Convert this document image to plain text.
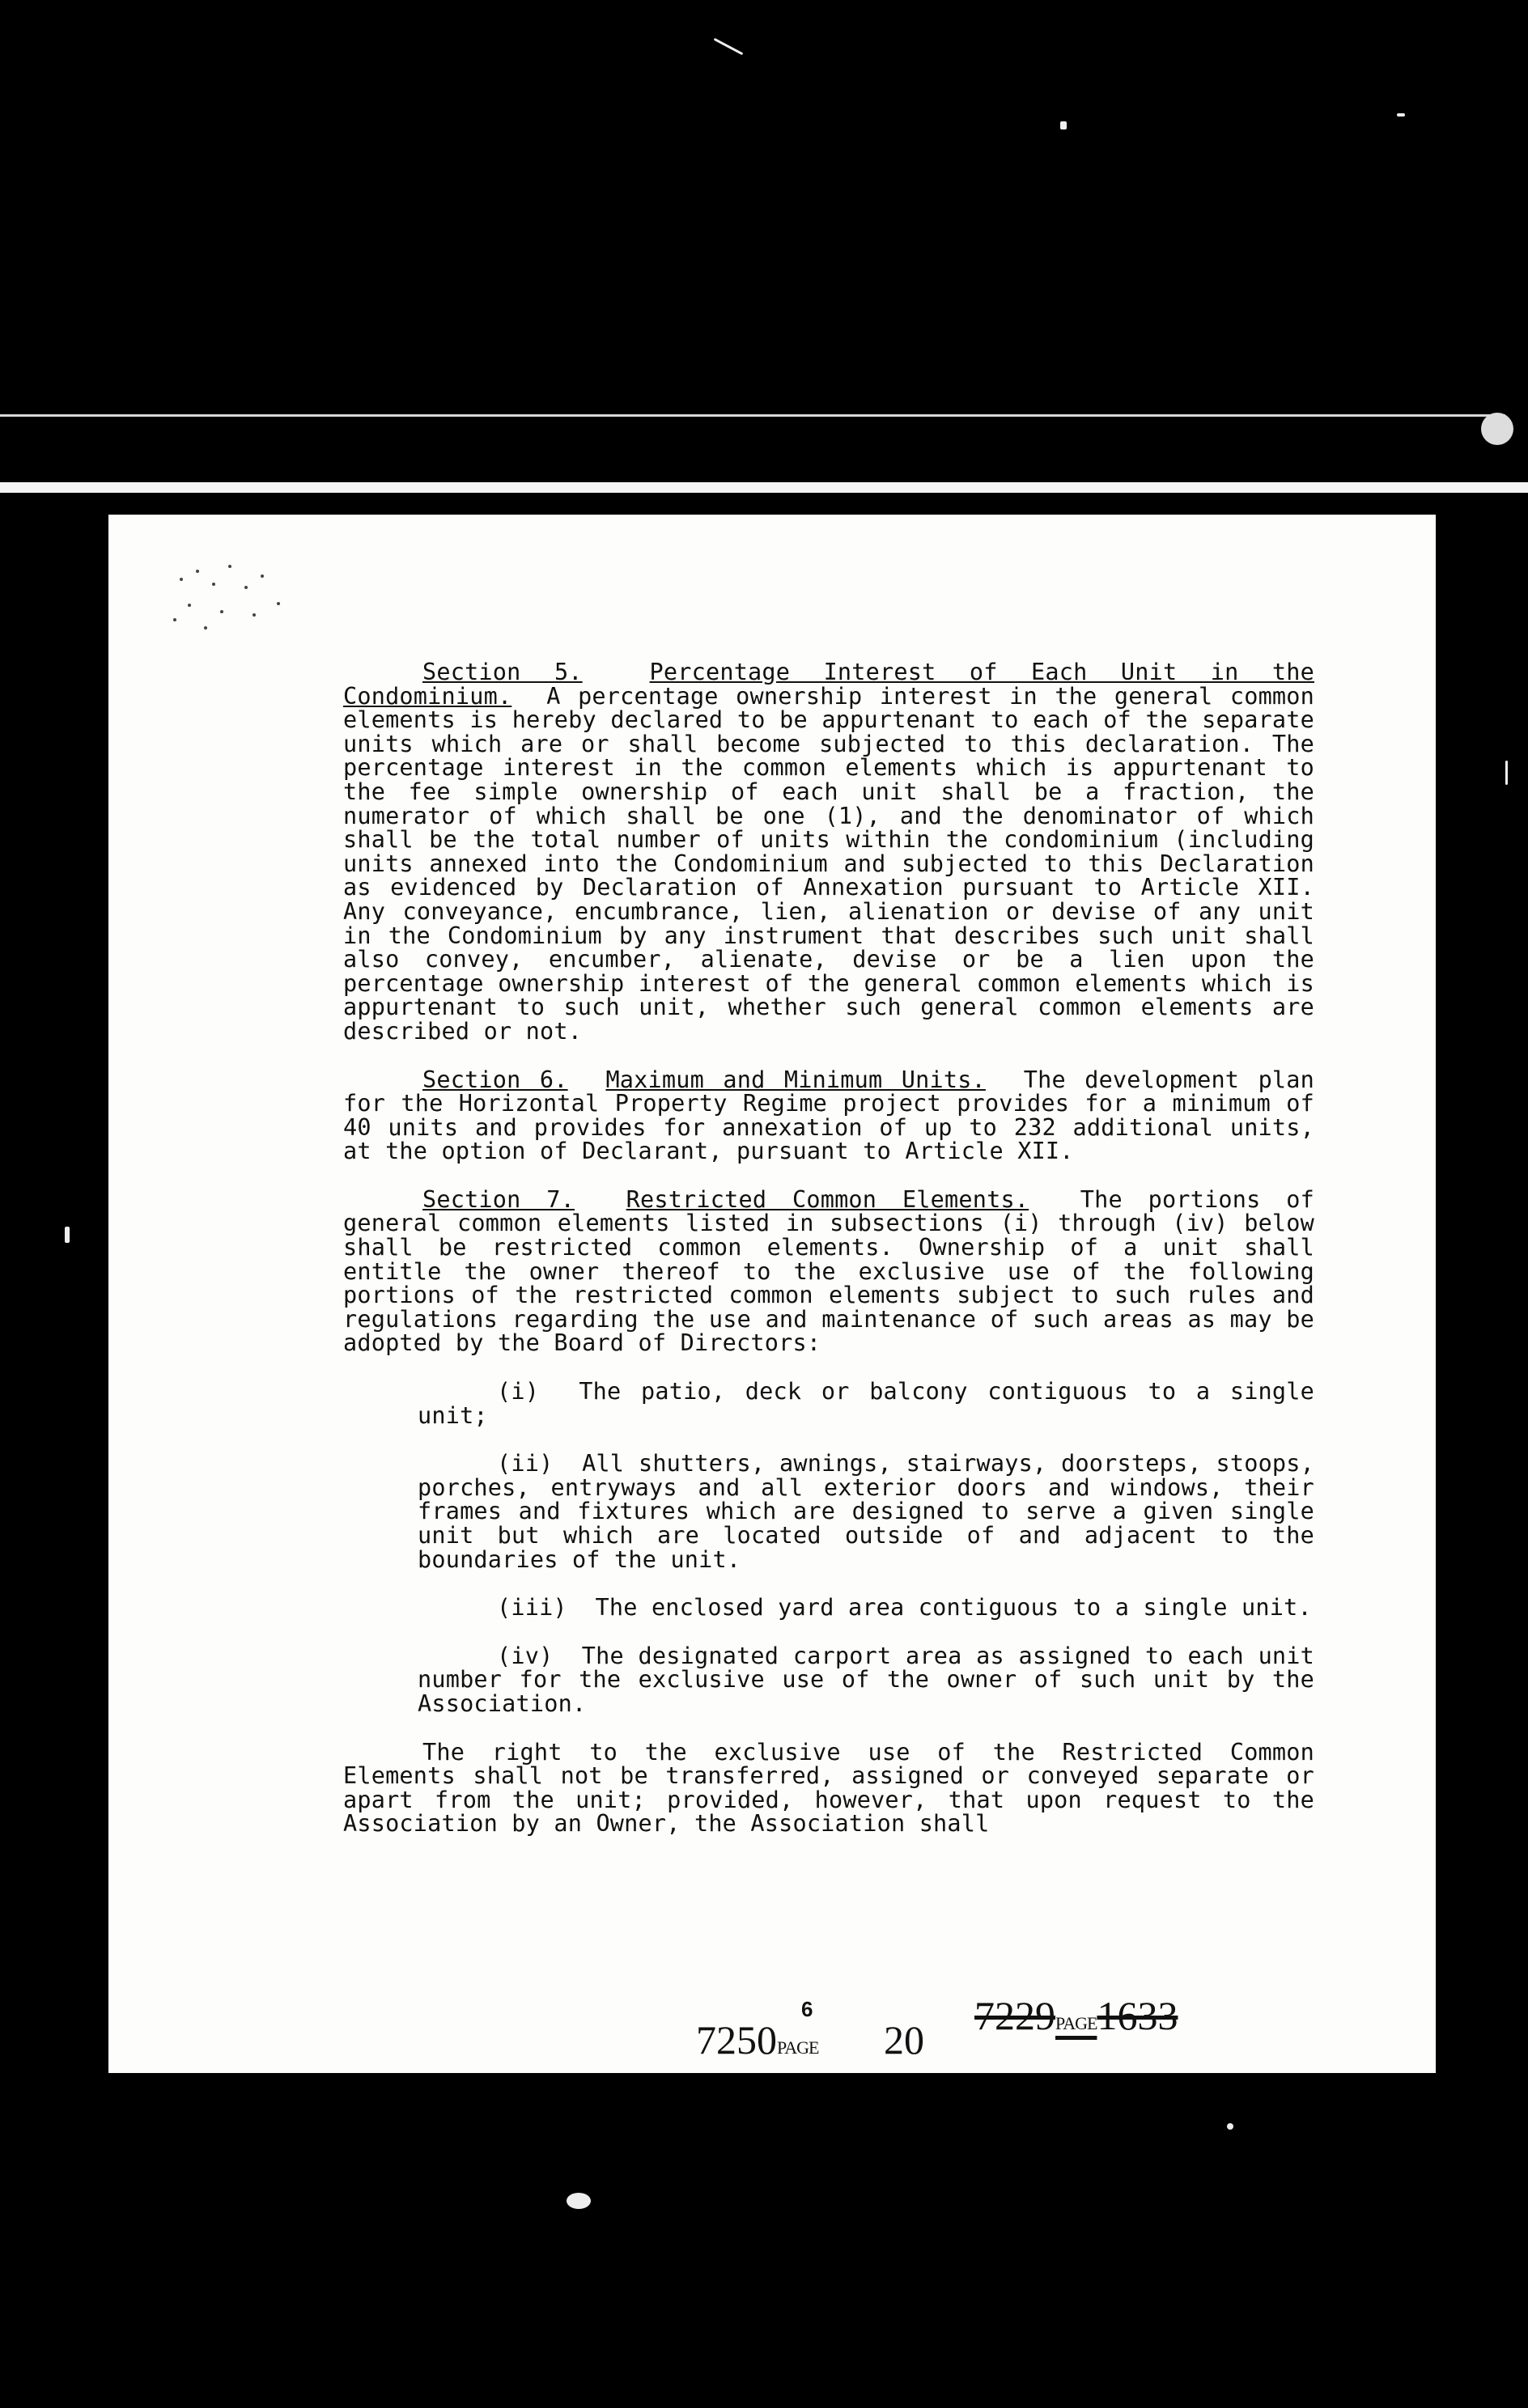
Section 5.	Percentage Interest of Each Unit in the Condominium. A percentage ownership interest in the general common elements is hereby declared to be appurtenant to each of the separate units which are or shall become subjected to this declaration. The percentage interest in the common elements which is appurtenant to the fee simple ownership of each unit shall be a fraction, the numerator of which shall be one (1), and the denominator of which shall be the total number of units within the condominium (including units annexed into the Condominium and subjected to this Declaration as evidenced by Declaration of Annexation pursuant to Article XII. Any conveyance, encumbrance, lien, alienation or devise of any unit in the Condominium by any instrument that describes such unit shall also convey, encumber, alienate, devise or be a lien upon the percentage ownership interest of the general common elements which is appurtenant to such unit, whether such general common elements are described or not.

Section 6. Maximum and Minimum Units. The development plan for the Horizontal Property Regime project provides for a minimum of 40 units and provides for annexation of up to 232 additional units, at the option of Declarant, pursuant to Article XII.

Section 7. Restricted Common Elements. The portions of general common elements listed in subsections (i) through (iv) below shall be restricted common elements. Ownership of a unit shall entitle the owner thereof to the exclusive use of the following portions of the restricted common elements subject to such rules and regulations regarding the use and maintenance of such areas as may be adopted by the Board of Directors:

(i) The patio, deck or balcony contiguous to a single unit;

(ii) All shutters, awnings, stairways, doorsteps, stoops, porches, entryways and all exterior doors and windows, their frames and fixtures which are designed to serve a given single unit but which are located outside of and adjacent to the boundaries of the unit.

(iii) The enclosed yard area contiguous to a single unit.

(iv) The designated carport area as assigned to each unit number for the exclusive use of the owner of such unit by the Association.

The right to the exclusive use of the Restricted Common Elements shall not be transferred, assigned or conveyed separate or apart from the unit; provided, however, that upon request to the Association by an Owner, the Association shall

6
7250PAGE 20
7229PAGE1633
